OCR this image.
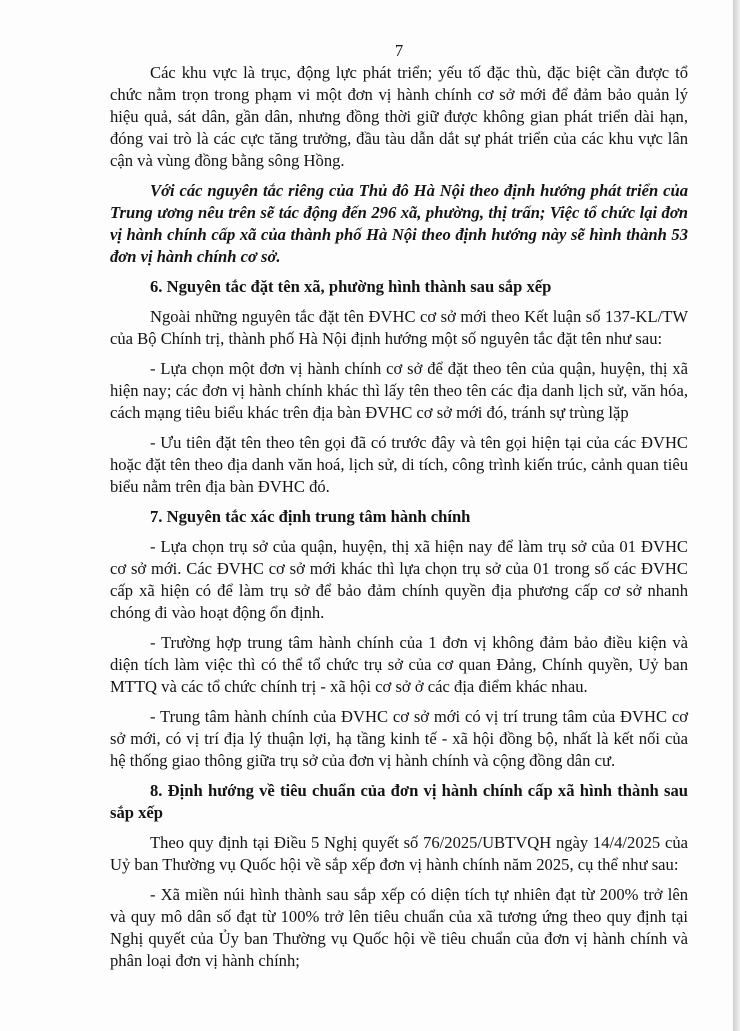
7

Các khu vực là trục, động lực phát triển; yếu tố đặc thù, đặc biệt cần được tổ chức nằm trọn trong phạm vi một đơn vị hành chính cơ sở mới để đảm bảo quản lý hiệu quả, sát dân, gần dân, nhưng đồng thời giữ được không gian phát triển dài hạn, đóng vai trò là các cực tăng trưởng, đầu tàu dẫn dắt sự phát triển của các khu vực lân cận và vùng đồng bằng sông Hồng.

Với các nguyên tắc riêng của Thủ đô Hà Nội theo định hướng phát triển của Trung ương nêu trên sẽ tác động đến 296 xã, phường, thị trấn; Việc tổ chức lại đơn vị hành chính cấp xã của thành phố Hà Nội theo định hướng này sẽ hình thành 53 đơn vị hành chính cơ sở.

6. Nguyên tắc đặt tên xã, phường hình thành sau sắp xếp

Ngoài những nguyên tắc đặt tên ĐVHC cơ sở mới theo Kết luận số 137-KL/TW của Bộ Chính trị, thành phố Hà Nội định hướng một số nguyên tắc đặt tên như sau:

- Lựa chọn một đơn vị hành chính cơ sở để đặt theo tên của quận, huyện, thị xã hiện nay; các đơn vị hành chính khác thì lấy tên theo tên các địa danh lịch sử, văn hóa, cách mạng tiêu biểu khác trên địa bàn ĐVHC cơ sở mới đó, tránh sự trùng lặp

- Ưu tiên đặt tên theo tên gọi đã có trước đây và tên gọi hiện tại của các ĐVHC hoặc đặt tên theo địa danh văn hoá, lịch sử, di tích, công trình kiến trúc, cảnh quan tiêu biểu nằm trên địa bàn ĐVHC đó.

7. Nguyên tắc xác định trung tâm hành chính

- Lựa chọn trụ sở của quận, huyện, thị xã hiện nay để làm trụ sở của 01 ĐVHC cơ sở mới. Các ĐVHC cơ sở mới khác thì lựa chọn trụ sở của 01 trong số các ĐVHC cấp xã hiện có để làm trụ sở để bảo đảm chính quyền địa phương cấp cơ sở nhanh chóng đi vào hoạt động ổn định.

- Trường hợp trung tâm hành chính của 1 đơn vị không đảm bảo điều kiện và diện tích làm việc thì có thể tổ chức trụ sở của cơ quan Đảng, Chính quyền, Uỷ ban MTTQ và các tổ chức chính trị - xã hội cơ sở ở các địa điểm khác nhau.

- Trung tâm hành chính của ĐVHC cơ sở mới có vị trí trung tâm của ĐVHC cơ sở mới, có vị trí địa lý thuận lợi, hạ tầng kinh tế - xã hội đồng bộ, nhất là kết nối của hệ thống giao thông giữa trụ sở của đơn vị hành chính và cộng đồng dân cư.

8. Định hướng về tiêu chuẩn của đơn vị hành chính cấp xã hình thành sau sắp xếp

Theo quy định tại Điều 5 Nghị quyết số 76/2025/UBTVQH ngày 14/4/2025 của Uỷ ban Thường vụ Quốc hội về sắp xếp đơn vị hành chính năm 2025, cụ thể như sau:

- Xã miền núi hình thành sau sắp xếp có diện tích tự nhiên đạt từ 200% trở lên và quy mô dân số đạt từ 100% trở lên tiêu chuẩn của xã tương ứng theo quy định tại Nghị quyết của Ủy ban Thường vụ Quốc hội về tiêu chuẩn của đơn vị hành chính và phân loại đơn vị hành chính;
